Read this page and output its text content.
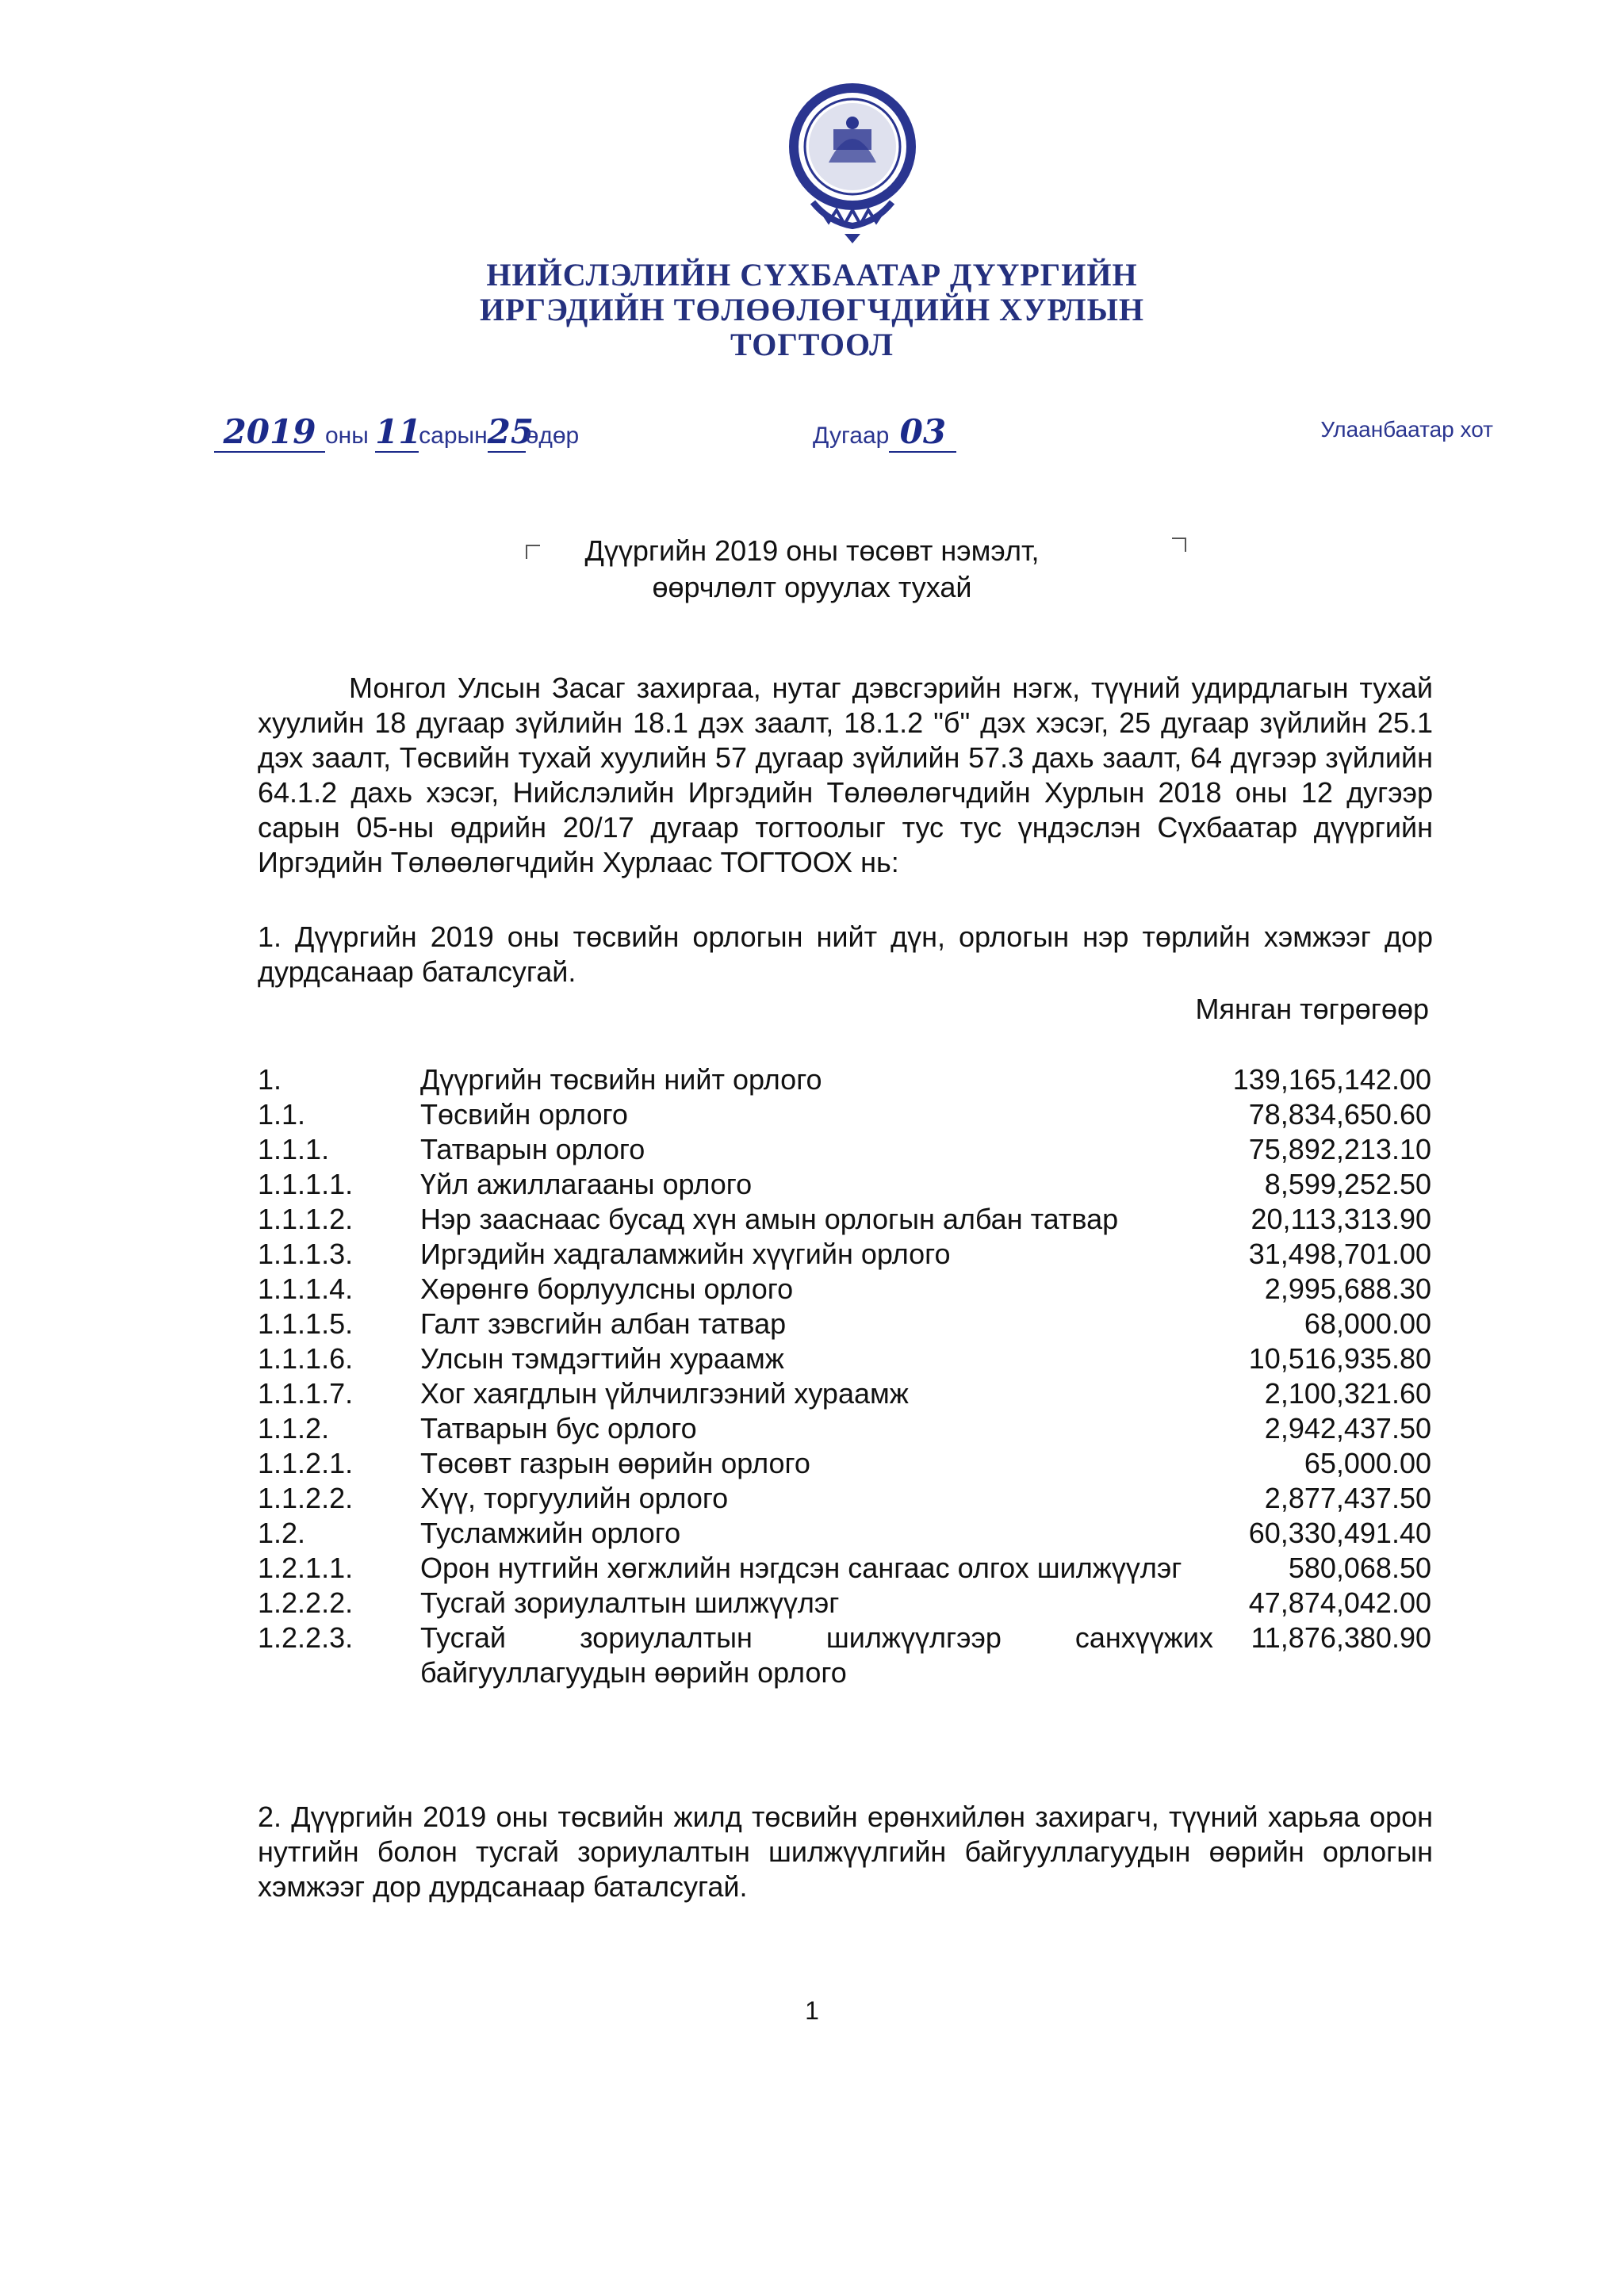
НИЙСЛЭЛИЙН СҮХБААТАР ДҮҮРГИЙН
ИРГЭДИЙН ТӨЛӨӨЛӨГЧДИЙН ХУРЛЫН
ТОГТООЛ
2019 оны 11сарын25өдөр	Дугаар 03	Улаанбаатар хот
Дүүргийн 2019 оны төсөвт нэмэлт,
өөрчлөлт оруулах тухай
Монгол Улсын Засаг захиргаа, нутаг дэвсгэрийн нэгж, түүний удирдлагын тухай хуулийн 18 дугаар зүйлийн 18.1 дэх заалт, 18.1.2 "б" дэх хэсэг, 25 дугаар зүйлийн 25.1 дэх заалт, Төсвийн тухай хуулийн 57 дугаар зүйлийн 57.3 дахь заалт, 64 дүгээр зүйлийн 64.1.2 дахь хэсэг, Нийслэлийн Иргэдийн Төлөөлөгчдийн Хурлын 2018 оны 12 дугээр сарын 05-ны өдрийн 20/17 дугаар тогтоолыг тус тус үндэслэн Сүхбаатар дүүргийн Иргэдийн Төлөөлөгчдийн Хурлаас ТОГТООХ нь:
1. Дүүргийн 2019 оны төсвийн орлогын нийт дүн, орлогын нэр төрлийн хэмжээг дор дурдсанаар баталсугай.
Мянган төгрөгөөр
1.	Дүүргийн төсвийн нийт орлого	139,165,142.00
1.1.	Төсвийн орлого	78,834,650.60
1.1.1.	Татварын орлого	75,892,213.10
1.1.1.1.	Үйл ажиллагааны орлого	8,599,252.50
1.1.1.2.	Нэр зааснаас бусад хүн амын орлогын албан татвар	20,113,313.90
1.1.1.3.	Иргэдийн хадгаламжийн хүүгийн орлого	31,498,701.00
1.1.1.4.	Хөрөнгө борлуулсны орлого	2,995,688.30
1.1.1.5.	Галт зэвсгийн албан татвар	68,000.00
1.1.1.6.	Улсын тэмдэгтийн хураамж	10,516,935.80
1.1.1.7.	Хог хаягдлын үйлчилгээний хураамж	2,100,321.60
1.1.2.	Татварын бус орлого	2,942,437.50
1.1.2.1.	Төсөвт газрын өөрийн орлого	65,000.00
1.1.2.2.	Хүү, торгуулийн орлого	2,877,437.50
1.2.	Тусламжийн орлого	60,330,491.40
1.2.1.1.	Орон нутгийн хөгжлийн нэгдсэн сангаас олгох шилжүүлэг	580,068.50
1.2.2.2.	Тусгай зориулалтын шилжүүлэг	47,874,042.00
1.2.2.3.	Тусгай зориулалтын шилжүүлгээр санхүүжих байгууллагуудын өөрийн орлого	11,876,380.90
2. Дүүргийн 2019 оны төсвийн жилд төсвийн ерөнхийлөн захирагч, түүний харьяа орон нутгийн болон тусгай зориулалтын шилжүүлгийн байгууллагуудын өөрийн орлогын хэмжээг дор дурдсанаар баталсугай.
1
